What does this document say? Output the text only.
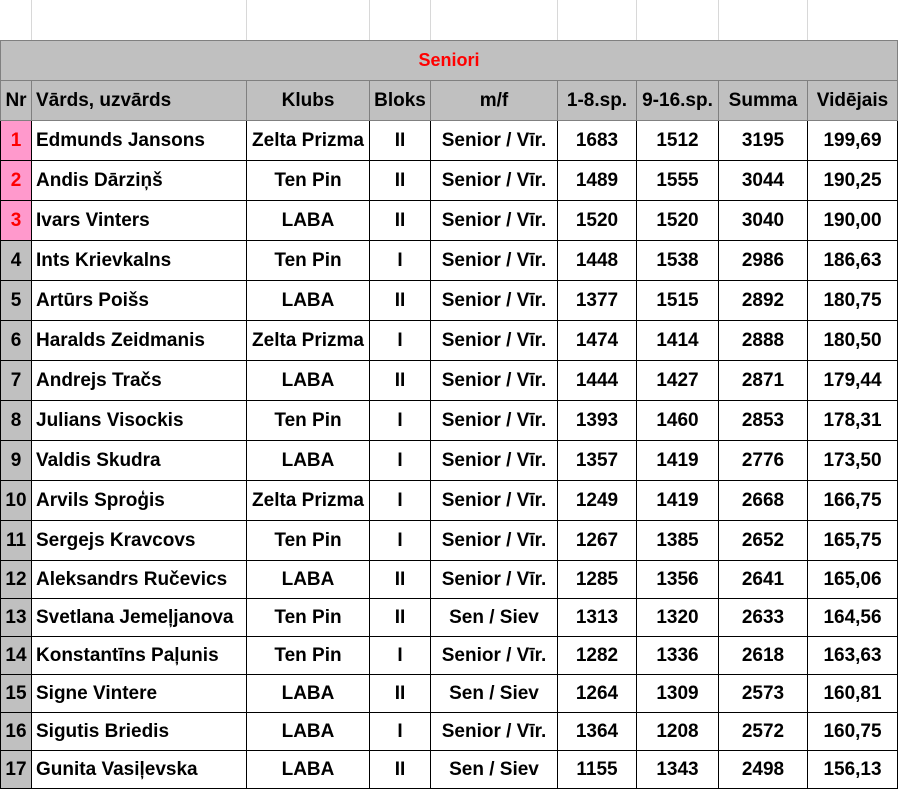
Seniori								
Nr	Vārds, uzvārds	Klubs	Bloks	m/f	1-8.sp.	9-16.sp.	Summa	Vidējais
1	Edmunds Jansons	Zelta Prizma	II	Senior / Vīr.	1683	1512	3195	199,69
2	Andis Dārziņš	Ten Pin	II	Senior / Vīr.	1489	1555	3044	190,25
3	Ivars Vinters	LABA	II	Senior / Vīr.	1520	1520	3040	190,00
4	Ints Krievkalns	Ten Pin	I	Senior / Vīr.	1448	1538	2986	186,63
5	Artūrs Poišs	LABA	II	Senior / Vīr.	1377	1515	2892	180,75
6	Haralds Zeidmanis	Zelta Prizma	I	Senior / Vīr.	1474	1414	2888	180,50
7	Andrejs Tračs	LABA	II	Senior / Vīr.	1444	1427	2871	179,44
8	Julians Visockis	Ten Pin	I	Senior / Vīr.	1393	1460	2853	178,31
9	Valdis Skudra	LABA	I	Senior / Vīr.	1357	1419	2776	173,50
10	Arvils Sproģis	Zelta Prizma	I	Senior / Vīr.	1249	1419	2668	166,75
11	Sergejs Kravcovs	Ten Pin	I	Senior / Vīr.	1267	1385	2652	165,75
12	Aleksandrs Ručevics	LABA	II	Senior / Vīr.	1285	1356	2641	165,06
13	Svetlana Jemeļjanova	Ten Pin	II	Sen / Siev	1313	1320	2633	164,56
14	Konstantīns Paļunis	Ten Pin	I	Senior / Vīr.	1282	1336	2618	163,63
15	Signe Vintere	LABA	II	Sen / Siev	1264	1309	2573	160,81
16	Sigutis Briedis	LABA	I	Senior / Vīr.	1364	1208	2572	160,75
17	Gunita Vasiļevska	LABA	II	Sen / Siev	1155	1343	2498	156,13
